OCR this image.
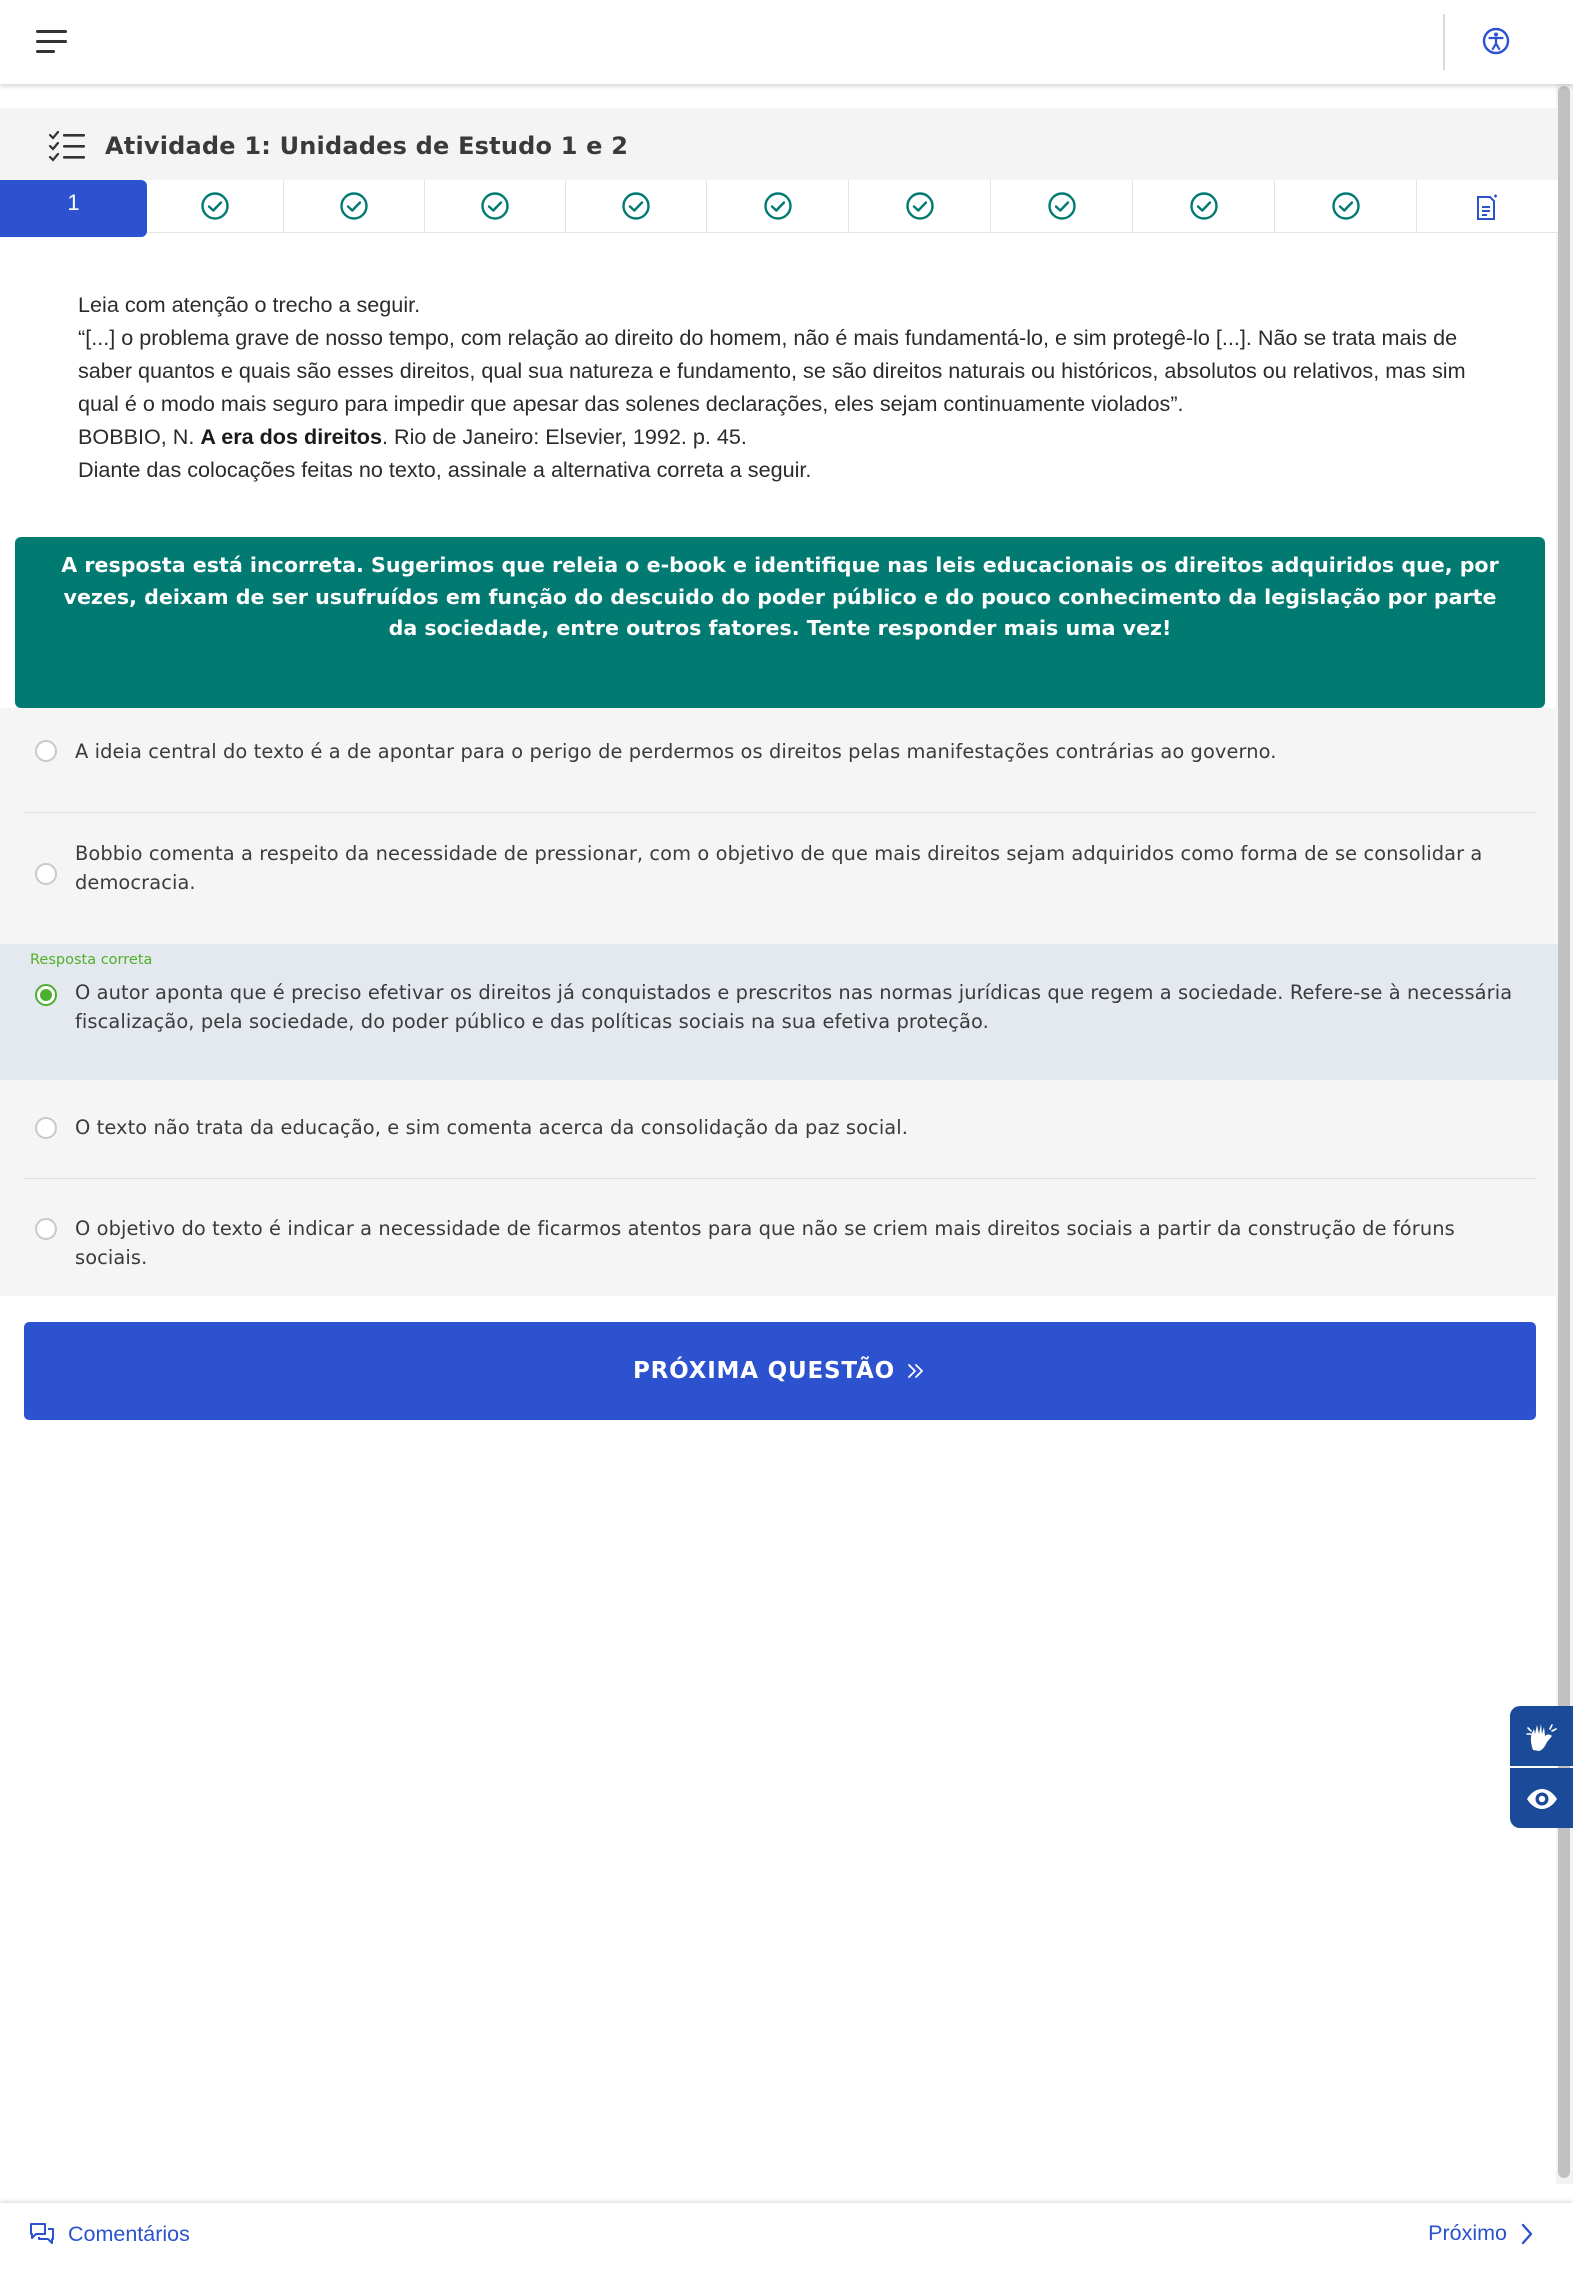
Atividade 1: Unidades de Estudo 1 e 2
1

Leia com atenção o trecho a seguir.

“[...] o problema grave de nosso tempo, com relação ao direito do homem, não é mais fundamentá-lo, e sim protegê-lo [...]. Não se trata mais de saber quantos e quais são esses direitos, qual sua natureza e fundamento, se são direitos naturais ou históricos, absolutos ou relativos, mas sim qual é o modo mais seguro para impedir que apesar das solenes declarações, eles sejam continuamente violados”.

BOBBIO, N. A era dos direitos. Rio de Janeiro: Elsevier, 1992. p. 45.

Diante das colocações feitas no texto, assinale a alternativa correta a seguir.

A resposta está incorreta. Sugerimos que releia o e-book e identifique nas leis educacionais os direitos adquiridos que, por vezes, deixam de ser usufruídos em função do descuido do poder público e do pouco conhecimento da legislação por parte da sociedade, entre outros fatores. Tente responder mais uma vez!
A ideia central do texto é a de apontar para o perigo de perdermos os direitos pelas manifestações contrárias ao governo.
Bobbio comenta a respeito da necessidade de pressionar, com o objetivo de que mais direitos sejam adquiridos como forma de se consolidar a democracia.
O autor aponta que é preciso efetivar os direitos já conquistados e prescritos nas normas jurídicas que regem a sociedade. Refere-se à necessária fiscalização, pela sociedade, do poder público e das políticas sociais na sua efetiva proteção.
O texto não trata da educação, e sim comenta acerca da consolidação da paz social.
O objetivo do texto é indicar a necessidade de ficarmos atentos para que não se criem mais direitos sociais a partir da construção de fóruns sociais.
Resposta correta
PRÓXIMA QUESTÃO
Comentários	Próximo
